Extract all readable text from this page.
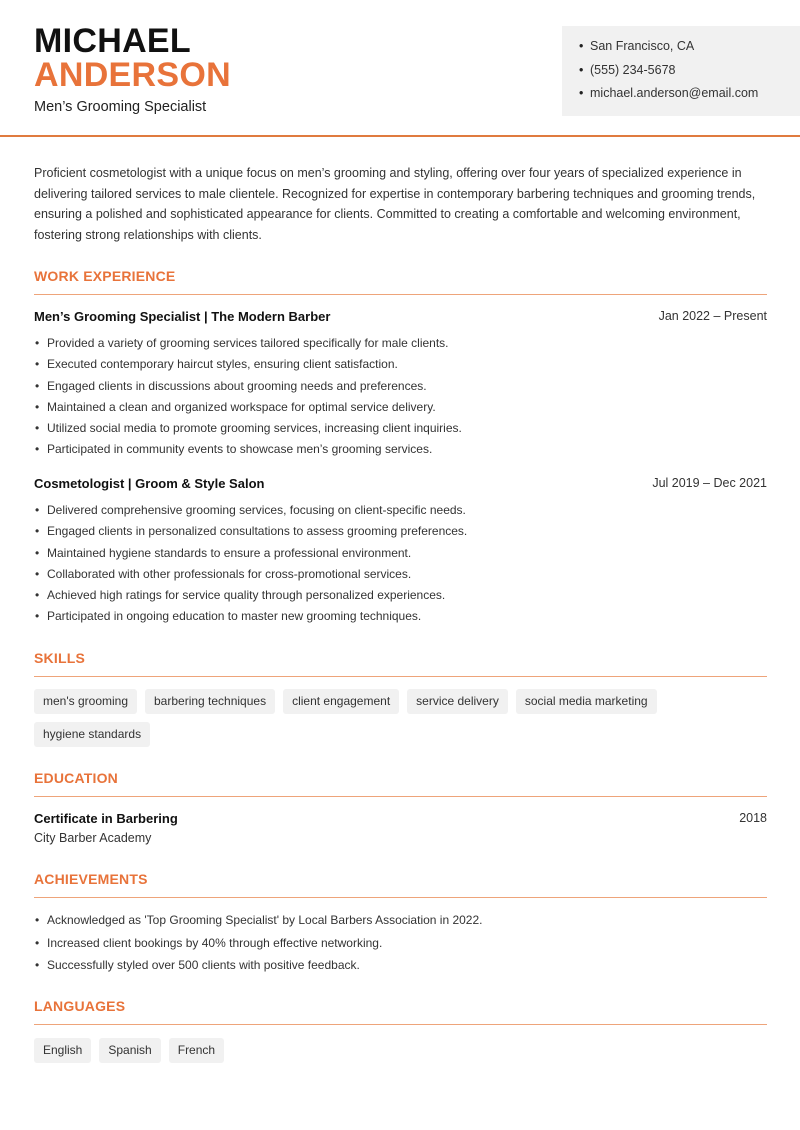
MICHAEL
ANDERSON
Men’s Grooming Specialist
• San Francisco, CA
• (555) 234-5678
• michael.anderson@email.com

Proficient cosmetologist with a unique focus on men’s grooming and styling, offering over four years of specialized experience in delivering tailored services to male clientele. Recognized for expertise in contemporary barbering techniques and grooming trends, ensuring a polished and sophisticated appearance for clients. Committed to creating a comfortable and welcoming environment, fostering strong relationships with clients.

WORK EXPERIENCE
Men’s Grooming Specialist | The Modern Barber	Jan 2022 – Present
• Provided a variety of grooming services tailored specifically for male clients.
• Executed contemporary haircut styles, ensuring client satisfaction.
• Engaged clients in discussions about grooming needs and preferences.
• Maintained a clean and organized workspace for optimal service delivery.
• Utilized social media to promote grooming services, increasing client inquiries.
• Participated in community events to showcase men’s grooming services.
Cosmetologist | Groom & Style Salon	Jul 2019 – Dec 2021
• Delivered comprehensive grooming services, focusing on client-specific needs.
• Engaged clients in personalized consultations to assess grooming preferences.
• Maintained hygiene standards to ensure a professional environment.
• Collaborated with other professionals for cross-promotional services.
• Achieved high ratings for service quality through personalized experiences.
• Participated in ongoing education to master new grooming techniques.
SKILLS
men's grooming	barbering techniques	client engagement	service delivery	social media marketing
hygiene standards
EDUCATION
Certificate in Barbering	2018
City Barber Academy
ACHIEVEMENTS
• Acknowledged as 'Top Grooming Specialist' by Local Barbers Association in 2022.
• Increased client bookings by 40% through effective networking.
• Successfully styled over 500 clients with positive feedback.
LANGUAGES
English	Spanish	French
